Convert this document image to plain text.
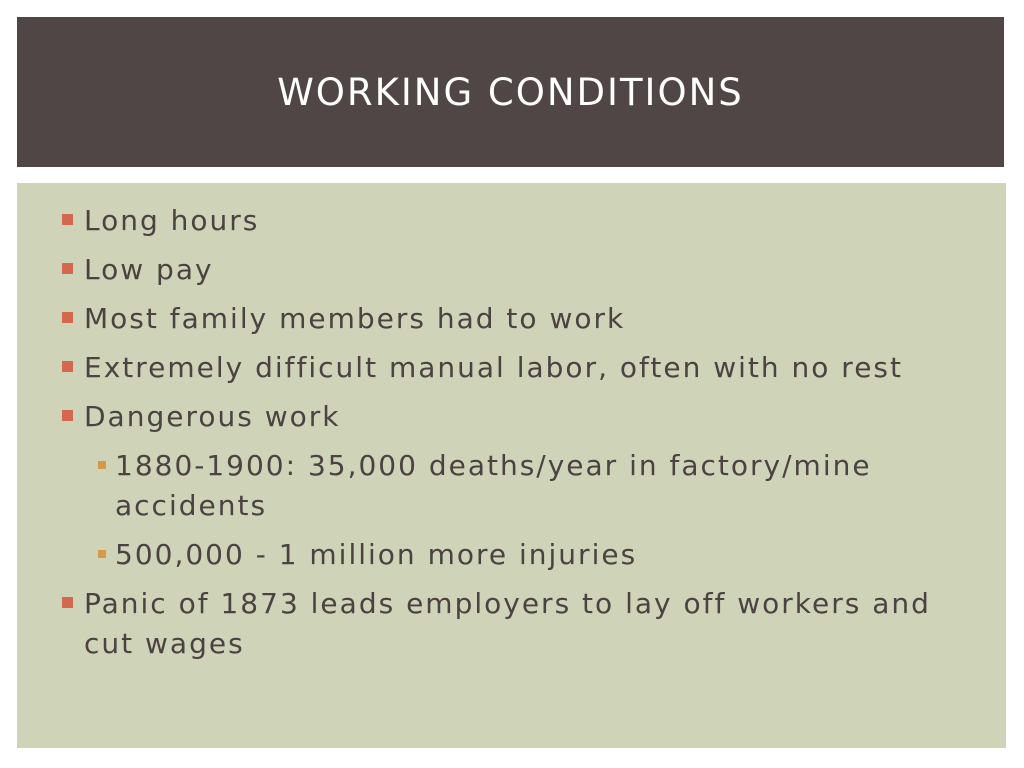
WORKING CONDITIONS
Long hours
Low pay
Most family members had to work
Extremely difficult manual labor, often with no rest
Dangerous work
1880-1900: 35,000 deaths/year in factory/mine accidents
500,000 - 1 million more injuries
Panic of 1873 leads employers to lay off workers and cut wages
